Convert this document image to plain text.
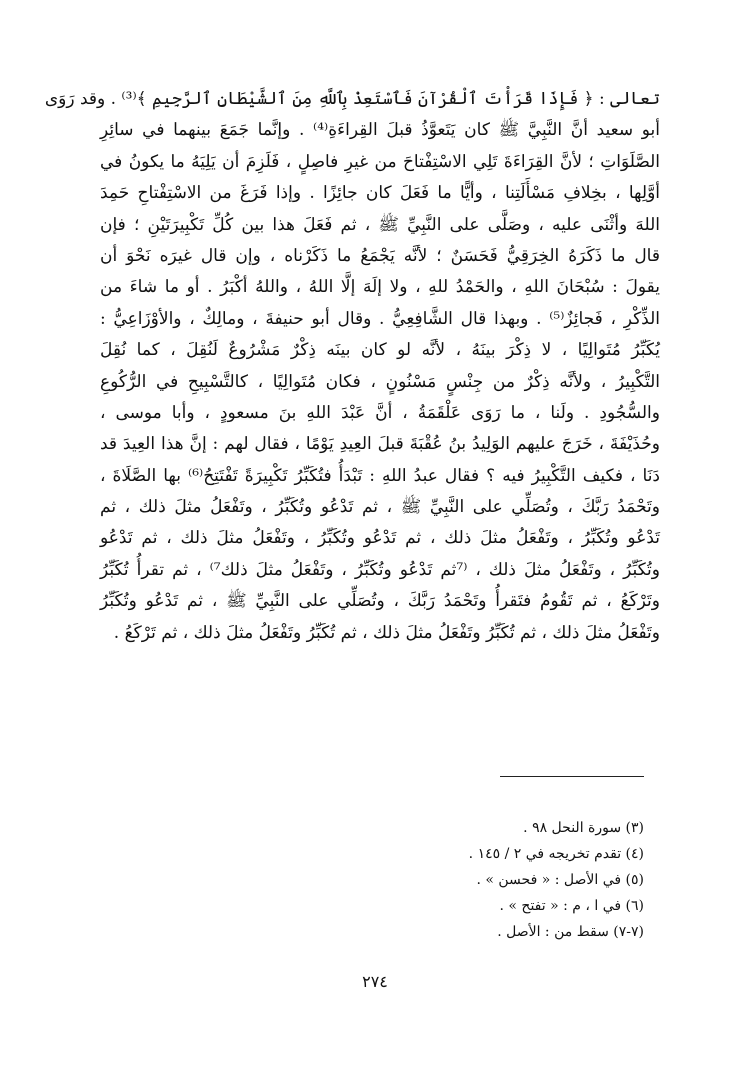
تعالى : ﴿ فَإِذَا قَرَأْتَ ٱلْقُرْآنَ فَٱسْتَعِذْ بِٱللَّهِ مِنَ ٱلشَّيْطَانِ ٱلرَّجِيمِ ﴾⁽³⁾ . وقد رَوَى
أبو سعيد أنَّ النَّبِيَّ ﷺ كان يَتَعوَّذُ قبلَ القِراءَةِ⁽⁴⁾ . وإنَّما جَمَعَ بينهما في سائِرِ
الصَّلَوَاتِ ؛ لأنَّ القِرَاءَةَ تَلِي الاسْتِفْتاحَ من غيرِ فاصِلٍ ، فَلَزِمَ أن يَلِيَهُ ما يكونُ في
أوَّلِها ، بخِلافِ مَسْأَلَتِنا ، وأيًّا ما فَعَلَ كان جائِزًا . وإذا فَرَغَ من الاسْتِفْتاحِ حَمِدَ
اللهَ وأثْنَى عليه ، وصَلَّى على النَّبِيِّ ﷺ ، ثم فَعَلَ هذا بين كُلِّ تَكْبِيرَتَيْنِ ؛ فإن
قال ما ذَكَرَهُ الخِرَقِيُّ فَحَسَنٌ ؛ لأنَّه يَجْمَعُ ما ذَكَرْناه ، وإن قال غيرَه نَحْوَ أن
يقولَ : سُبْحَانَ اللهِ ، والحَمْدُ للهِ ، ولا إلَهَ إلَّا اللهُ ، واللهُ أكْبَرُ . أو ما شاءَ من
الذِّكْرِ ، فَجائِزٌ⁽⁵⁾ . وبهذا قال الشَّافِعِيُّ . وقال أبو حنيفةَ ، ومالِكٌ ، والأوْزَاعِيُّ :
يُكَبِّرُ مُتَوالِيًا ، لا ذِكْرَ بينَهُ ، لأنَّه لو كان بينَه ذِكْرٌ مَشْرُوعٌ لَنُقِلَ ، كما نُقِلَ
التَّكْبِيرُ ، ولأنَّه ذِكْرٌ من جِنْسٍ مَسْنُونٍ ، فكان مُتَوالِيًا ، كالتَّسْبِيحِ في الرُّكُوعِ
والسُّجُودِ . ولَنا ، ما رَوَى عَلْقَمَةُ ، أنَّ عَبْدَ اللهِ بنَ مسعودٍ ، وأبا موسى ،
وحُذَيْفَةَ ، خَرَجَ عليهم الوَلِيدُ بنُ عُقْبَةَ قبلَ العِيدِ يَوْمًا ، فقال لهم : إنَّ هذا العِيدَ قد
دَنَا ، فكيف التَّكْبِيرُ فيه ؟ فقال عبدُ اللهِ : تَبْدَأُ فتُكَبِّرُ تَكْبِيرَةً تَفْتَتِحُ⁽⁶⁾ بها الصَّلَاةَ ،
وتَحْمَدُ رَبَّكَ ، وتُصَلِّي على النَّبِيِّ ﷺ ، ثم تَدْعُو وتُكَبِّرُ ، وتَفْعَلُ مثلَ ذلك ، ثم
تَدْعُو وتُكَبِّرُ ، وتَفْعَلُ مثلَ ذلك ، ثم تَدْعُو وتُكَبِّرُ ، وتَفْعَلُ مثلَ ذلك ، ثم تَدْعُو
وتُكَبِّرُ ، وتَفْعَلُ مثلَ ذلك ، ⁽⁷ثم تَدْعُو وتُكَبِّرُ ، وتَفْعَلُ مثلَ ذلك⁷⁾ ، ثم تقرأُ تُكَبِّرُ
وتَرْكَعُ ، ثم تَقُومُ فتَقرأُ وتَحْمَدُ رَبَّكَ ، وتُصَلِّي على النَّبِيِّ ﷺ ، ثم تَدْعُو وتُكَبِّرُ
وتَفْعَلُ مثلَ ذلك ، ثم تُكَبِّرُ وتَفْعَلُ مثلَ ذلك ، ثم تُكَبِّرُ وتَفْعَلُ مثلَ ذلك ، ثم تَرْكَعُ .
(٣) سورة النحل ٩٨ .
(٤) تقدم تخريجه في ٢ / ١٤٥ .
(٥) في الأصل : « فحسن » .
(٦) في ا ، م : « تفتح » .
(٧-٧) سقط من : الأصل .
٢٧٤
